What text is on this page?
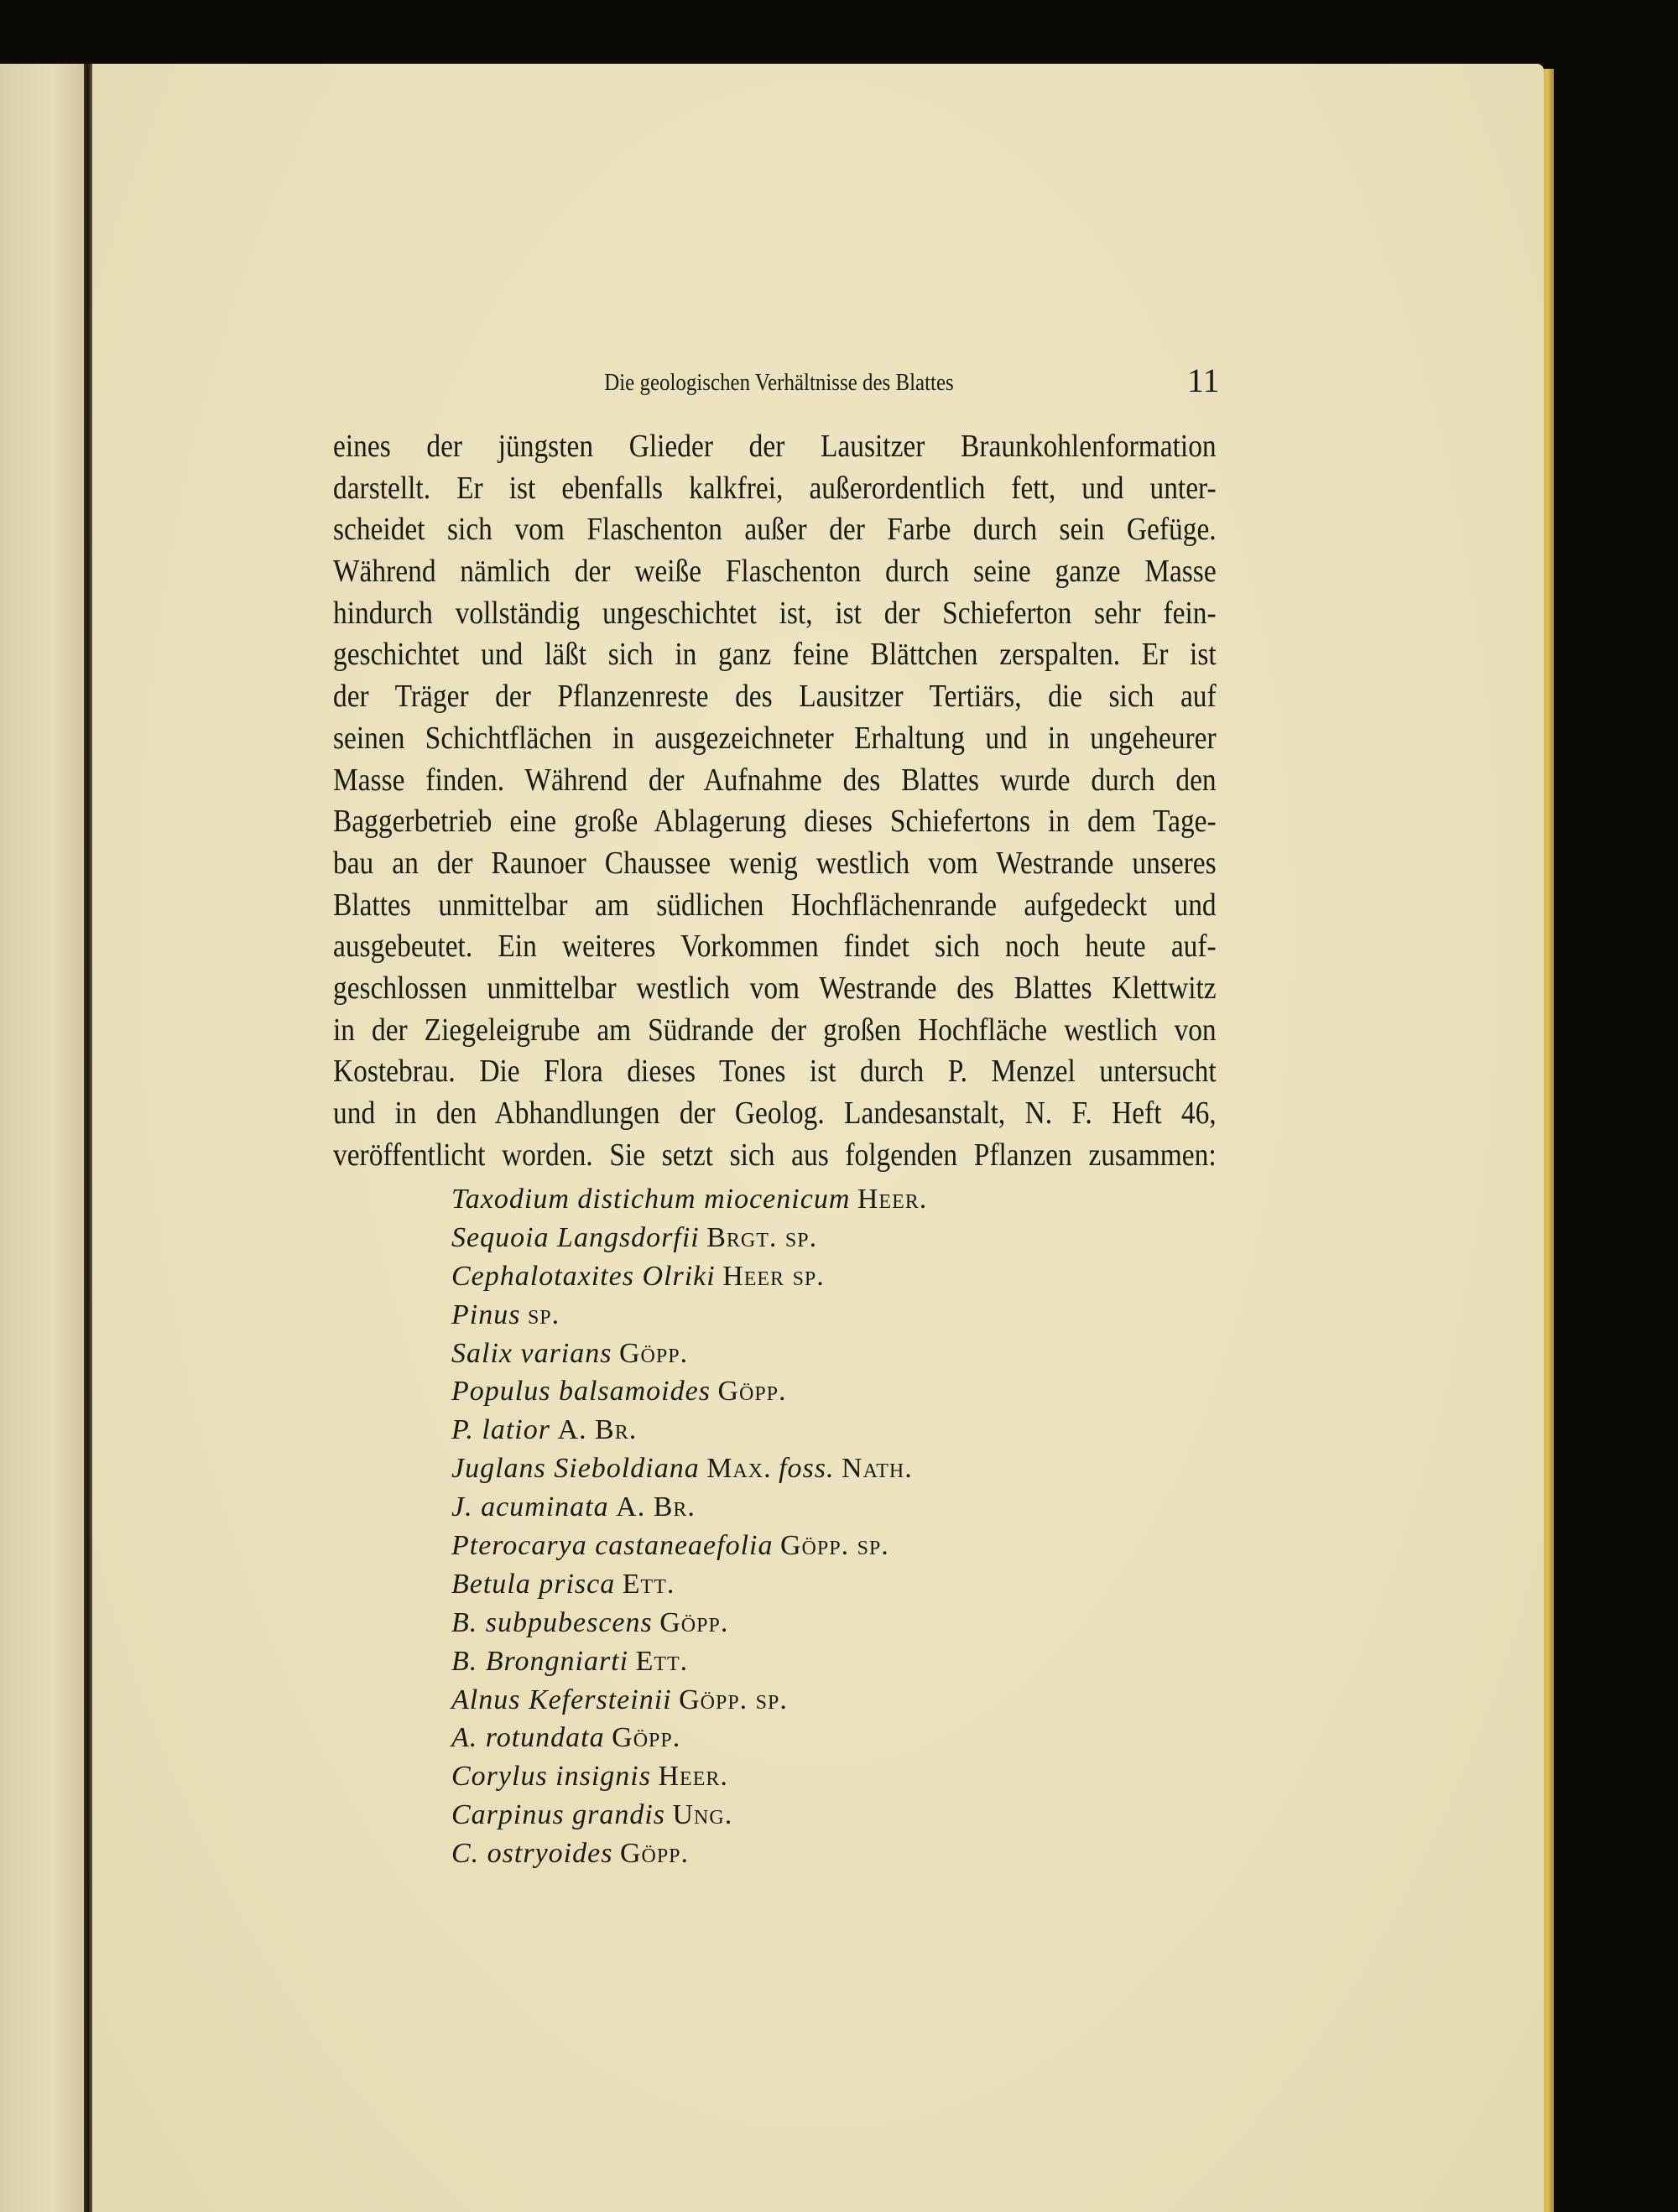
Die geologischen Verhältnisse des Blattes	11
eines der jüngsten Glieder der Lausitzer Braunkohlenformation
darstellt. Er ist ebenfalls kalkfrei, außerordentlich fett, und unter-
scheidet sich vom Flaschenton außer der Farbe durch sein Gefüge.
Während nämlich der weiße Flaschenton durch seine ganze Masse
hindurch vollständig ungeschichtet ist, ist der Schieferton sehr fein-
geschichtet und läßt sich in ganz feine Blättchen zerspalten. Er ist
der Träger der Pflanzenreste des Lausitzer Tertiärs, die sich auf
seinen Schichtflächen in ausgezeichneter Erhaltung und in ungeheurer
Masse finden. Während der Aufnahme des Blattes wurde durch den
Baggerbetrieb eine große Ablagerung dieses Schiefertons in dem Tage-
bau an der Raunoer Chaussee wenig westlich vom Westrande unseres
Blattes unmittelbar am südlichen Hochflächenrande aufgedeckt und
ausgebeutet. Ein weiteres Vorkommen findet sich noch heute auf-
geschlossen unmittelbar westlich vom Westrande des Blattes Klettwitz
in der Ziegeleigrube am Südrande der großen Hochfläche westlich von
Kostebrau. Die Flora dieses Tones ist durch P. Menzel untersucht
und in den Abhandlungen der Geolog. Landesanstalt, N. F. Heft 46,
veröffentlicht worden. Sie setzt sich aus folgenden Pflanzen zusammen:
Taxodium distichum miocenicum Heer.
Sequoia Langsdorfii Brgt. sp.
Cephalotaxites Olriki Heer sp.
Pinus sp.
Salix varians Göpp.
Populus balsamoides Göpp.
P. latior A. Br.
Juglans Sieboldiana Max. foss. Nath.
J. acuminata A. Br.
Pterocarya castaneaefolia Göpp. sp.
Betula prisca Ett.
B. subpubescens Göpp.
B. Brongniarti Ett.
Alnus Kefersteinii Göpp. sp.
A. rotundata Göpp.
Corylus insignis Heer.
Carpinus grandis Ung.
C. ostryoides Göpp.
